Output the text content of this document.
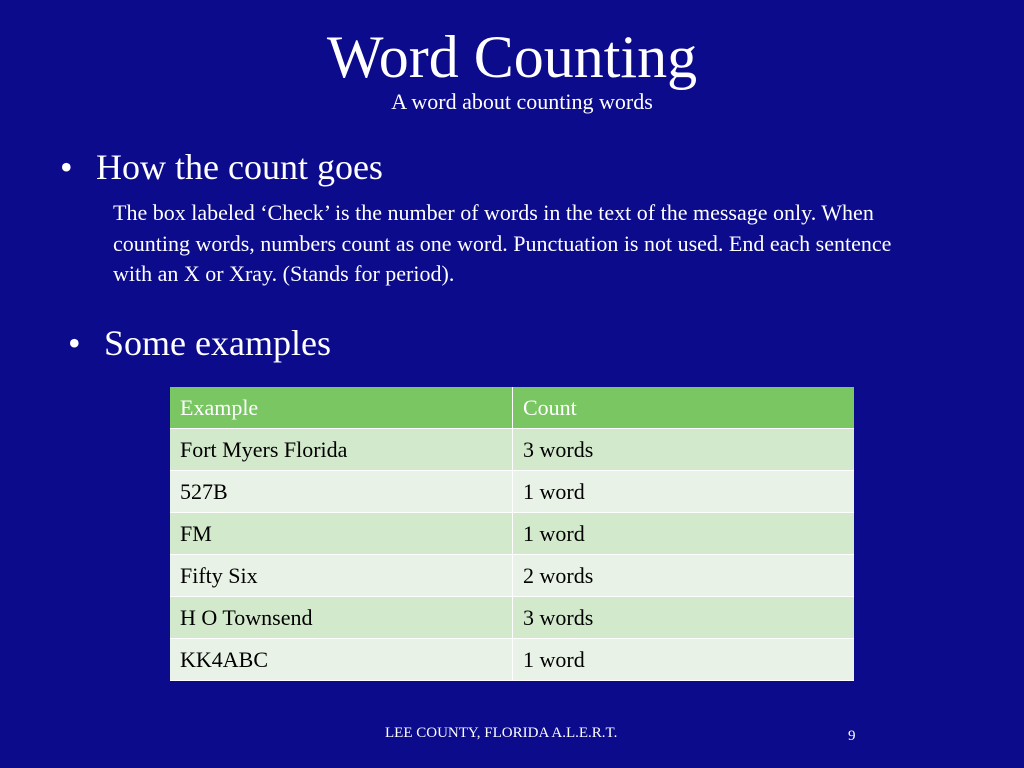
Word Counting
A word about counting words
• How the count goes
The box labeled ‘Check’ is the number of words in the text of the message only. When counting words, numbers count as one word. Punctuation is not used. End each sentence with an X or Xray. (Stands for period).
• Some examples
Example	Count
Fort Myers Florida	3 words
527B	1 word
FM	1 word
Fifty Six	2 words
H O Townsend	3 words
KK4ABC	1 word
LEE COUNTY, FLORIDA A.L.E.R.T.	9
